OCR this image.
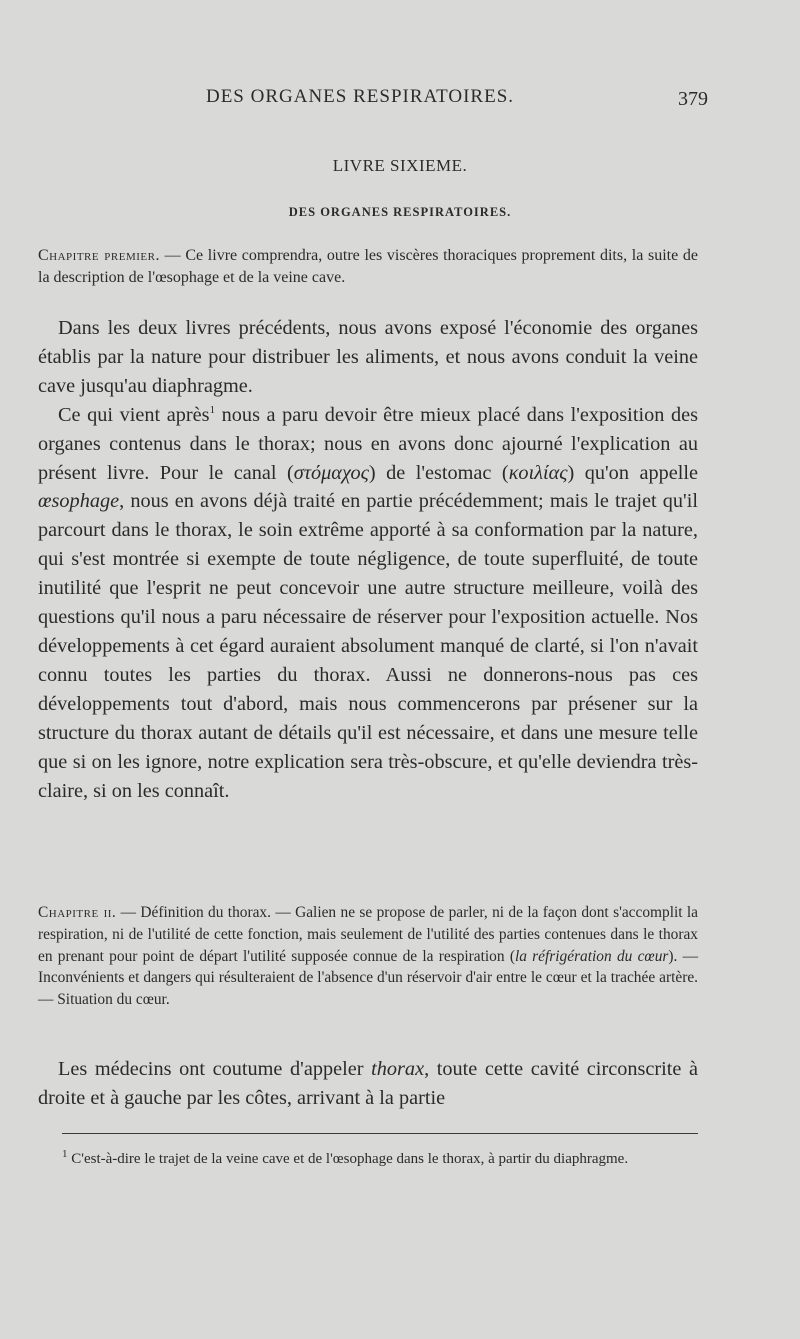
DES ORGANES RESPIRATOIRES.	379
LIVRE SIXIEME.
DES ORGANES RESPIRATOIRES.
Chapitre premier. — Ce livre comprendra, outre les viscères thoraciques proprement dits, la suite de la description de l'œsophage et de la veine cave.

Dans les deux livres précédents, nous avons exposé l'économie des organes établis par la nature pour distribuer les aliments, et nous avons conduit la veine cave jusqu'au diaphragme.

Ce qui vient après$^1$ nous a paru devoir être mieux placé dans l'exposition des organes contenus dans le thorax; nous en avons donc ajourné l'explication au présent livre. Pour le canal (στόμαχος) de l'estomac (κοιλίας) qu'on appelle œsophage, nous en avons déjà traité en partie précédemment; mais le trajet qu'il parcourt dans le thorax, le soin extrême apporté à sa conformation par la nature, qui s'est montrée si exempte de toute négligence, de toute superfluité, de toute inutilité que l'esprit ne peut concevoir une autre structure meilleure, voilà des questions qu'il nous a paru nécessaire de réserver pour l'exposition actuelle. Nos développements à cet égard auraient absolument manqué de clarté, si l'on n'avait connu toutes les parties du thorax. Aussi ne donnerons-nous pas ces développements tout d'abord, mais nous commencerons par présener sur la structure du thorax autant de détails qu'il est nécessaire, et dans une mesure telle que si on les ignore, notre explication sera très-obscure, et qu'elle deviendra très-claire, si on les connaît.

Chapitre ii. — Définition du thorax. — Galien ne se propose de parler, ni de la façon dont s'accomplit la respiration, ni de l'utilité de cette fonction, mais seulement de l'utilité des parties contenues dans le thorax en prenant pour point de départ l'utilité supposée connue de la respiration (la réfrigération du cœur). — Inconvénients et dangers qui résulteraient de l'absence d'un réservoir d'air entre le cœur et la trachée artère. — Situation du cœur.

Les médecins ont coutume d'appeler thorax, toute cette cavité circonscrite à droite et à gauche par les côtes, arrivant à la partie

$^1$ C'est-à-dire le trajet de la veine cave et de l'œsophage dans le thorax, à partir du diaphragme.
